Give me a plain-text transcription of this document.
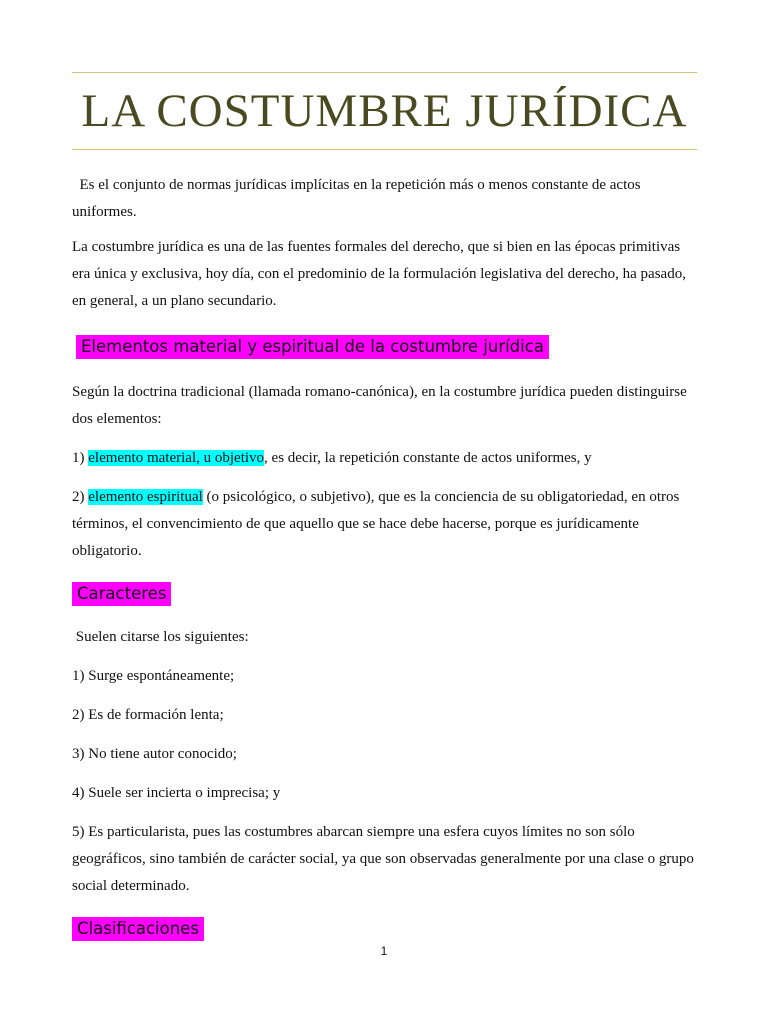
LA COSTUMBRE JURÍDICA

Es el conjunto de normas jurídicas implícitas en la repetición más o menos constante de actos uniformes.

La costumbre jurídica es una de las fuentes formales del derecho, que si bien en las épocas primitivas era única y exclusiva, hoy día, con el predominio de la formulación legislativa del derecho, ha pasado, en general, a un plano secundario.

Elementos material y espiritual de la costumbre jurídica

Según la doctrina tradicional (llamada romano-canónica), en la costumbre jurídica pueden distinguirse dos elementos:

1) elemento material, u objetivo, es decir, la repetición constante de actos uniformes, y

2) elemento espiritual (o psicológico, o subjetivo), que es la conciencia de su obligatoriedad, en otros términos, el convencimiento de que aquello que se hace debe hacerse, porque es jurídicamente obligatorio.

Caracteres

Suelen citarse los siguientes:

1) Surge espontáneamente;

2) Es de formación lenta;

3) No tiene autor conocido;

4) Suele ser incierta o imprecisa; y

5) Es particularista, pues las costumbres abarcan siempre una esfera cuyos límites no son sólo geográficos, sino también de carácter social, ya que son observadas generalmente por una clase o grupo social determinado.

Clasificaciones
1
